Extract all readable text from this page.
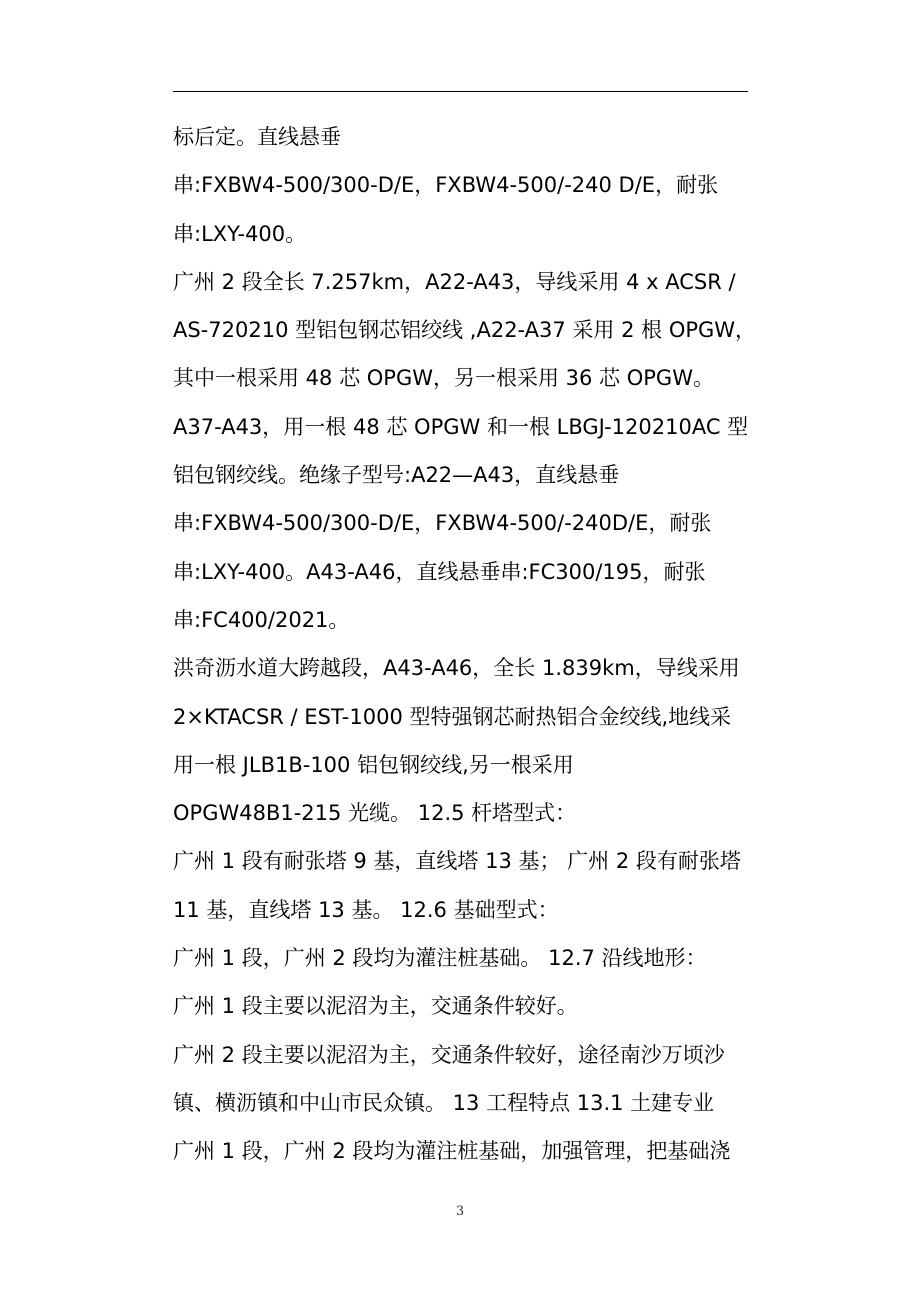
标后定。直线悬垂
串:FXBW4-500/300-D/E，FXBW4-500/-240 D/E，耐张
串:LXY-400。
广州 2 段全长 7.257km，A22-A43，导线采用 4 x ACSR /
AS-720210 型铝包钢芯铝绞线 ,A22-A37 采用 2 根 OPGW，
其中一根采用 48 芯 OPGW，另一根采用 36 芯 OPGW。
A37-A43，用一根 48 芯 OPGW 和一根 LBGJ-120210AC 型
铝包钢绞线。绝缘子型号:A22—A43，直线悬垂
串:FXBW4-500/300-D/E，FXBW4-500/-240D/E，耐张
串:LXY-400。A43-A46，直线悬垂串:FC300/195，耐张
串:FC400/2021。
洪奇沥水道大跨越段，A43-A46，全长 1.839km，导线采用
2×KTACSR / EST-1000 型特强钢芯耐热铝合金绞线,地线采
用一根 JLB1B-100 铝包钢绞线,另一根采用
OPGW48B1-215 光缆。 12.5 杆塔型式：
广州 1 段有耐张塔 9 基，直线塔 13 基； 广州 2 段有耐张塔
11 基，直线塔 13 基。 12.6 基础型式：
广州 1 段，广州 2 段均为灌注桩基础。 12.7 沿线地形：
广州 1 段主要以泥沼为主，交通条件较好。
广州 2 段主要以泥沼为主，交通条件较好，途径南沙万顷沙
镇、横沥镇和中山市民众镇。 13 工程特点 13.1 土建专业
广州 1 段，广州 2 段均为灌注桩基础，加强管理，把基础浇
3
